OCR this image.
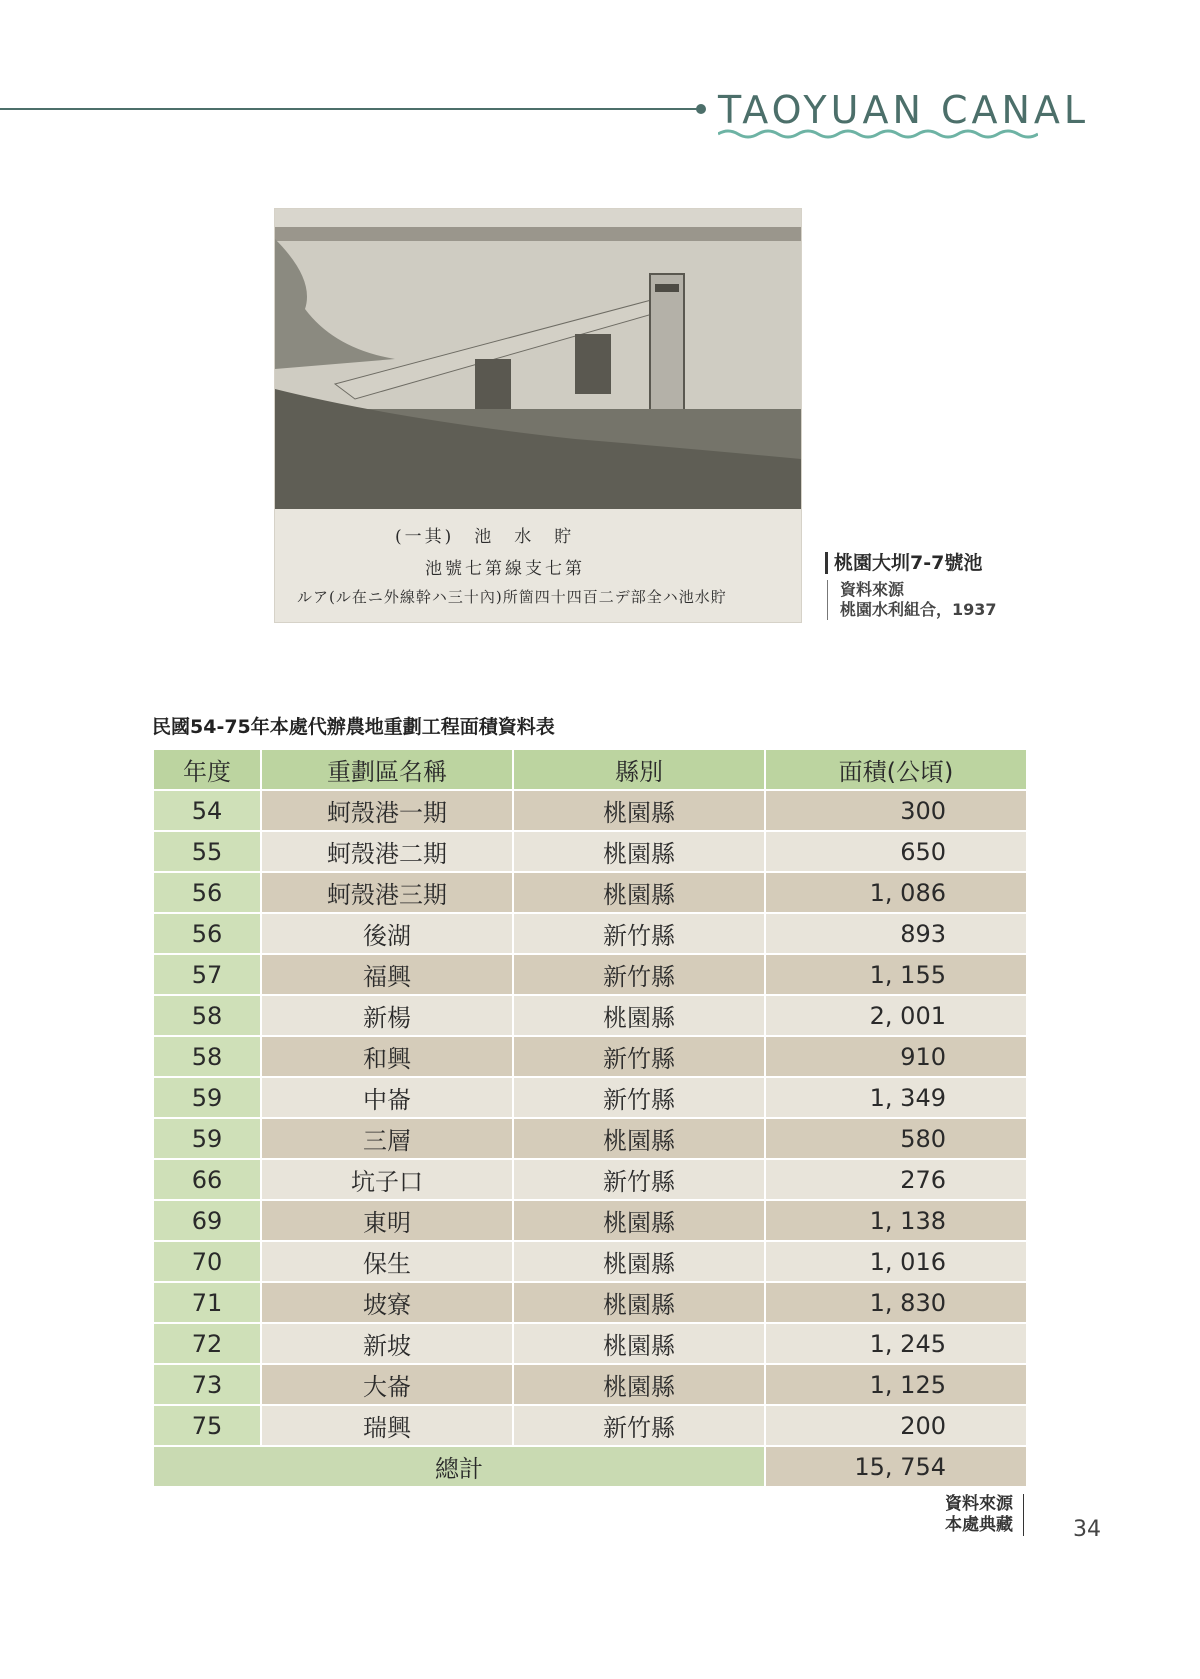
TAOYUAN CANAL
(一其)　池　水　貯
池號七第線支七第
ルア(ル在ニ外線幹ハ三十內)所箇四十四百二デ部全ハ池水貯
桃園大圳7-7號池
資料來源
桃園水利組合，1937
民國54-75年本處代辦農地重劃工程面積資料表
年度	重劃區名稱	縣別	面積(公頃)
54	蚵殼港一期	桃園縣	300
55	蚵殼港二期	桃園縣	650
56	蚵殼港三期	桃園縣	1, 086
56	後湖	新竹縣	893
57	福興	新竹縣	1, 155
58	新楊	桃園縣	2, 001
58	和興	新竹縣	910
59	中崙	新竹縣	1, 349
59	三層	桃園縣	580
66	坑子口	新竹縣	276
69	東明	桃園縣	1, 138
70	保生	桃園縣	1, 016
71	坡寮	桃園縣	1, 830
72	新坡	桃園縣	1, 245
73	大崙	桃園縣	1, 125
75	瑞興	新竹縣	200
總計			15, 754
資料來源
本處典藏	34
